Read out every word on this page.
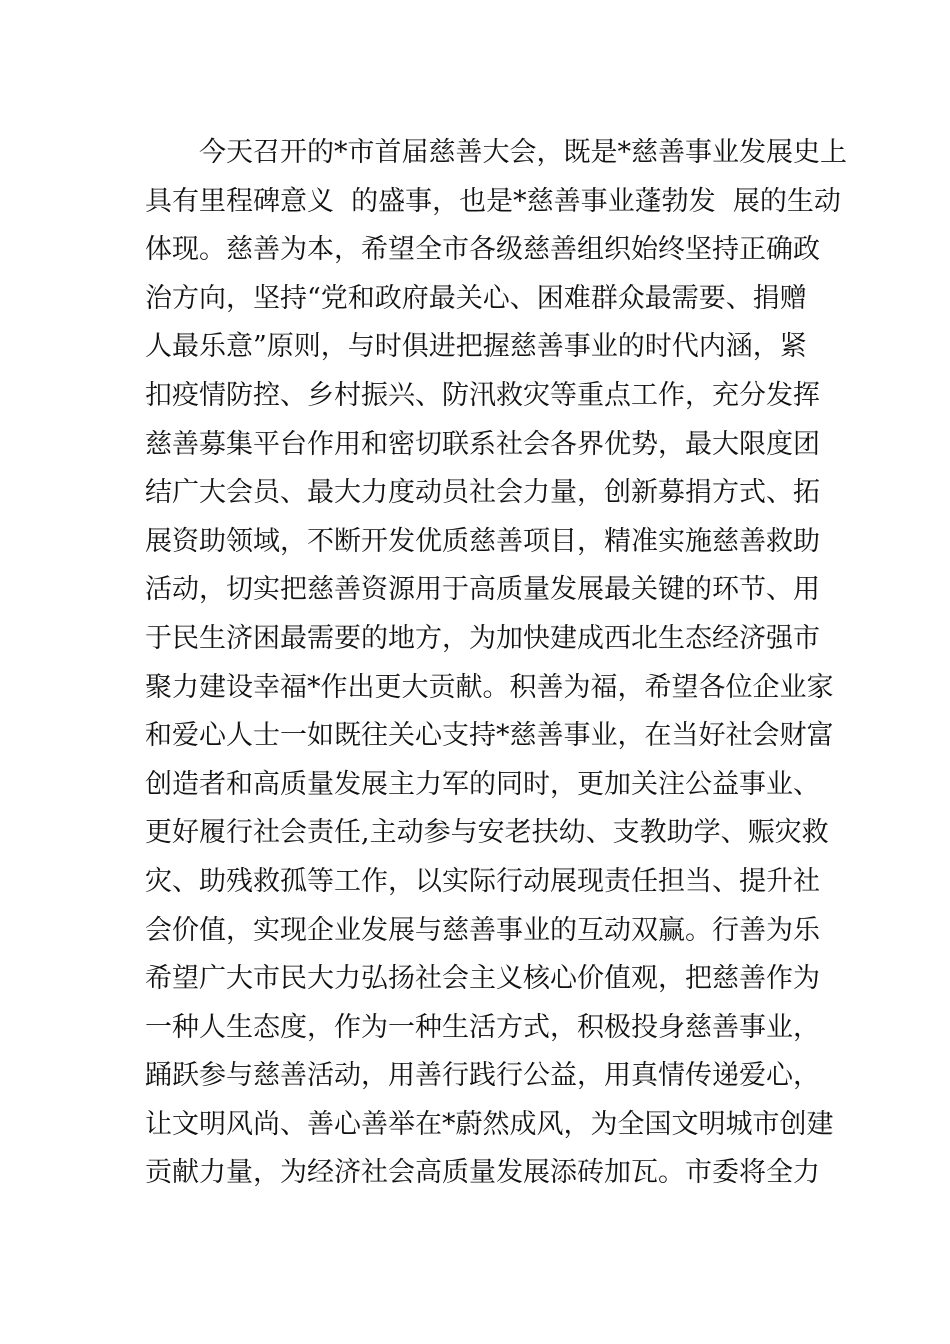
今天召开的*市首届慈善大会，既是*慈善事业发展史上
具有里程碑意义  的盛事，也是*慈善事业蓬勃发  展的生动
体现。慈善为本，希望全市各级慈善组织始终坚持正确政
治方向，坚持“党和政府最关心、困难群众最需要、捐赠
人最乐意”原则，与时俱进把握慈善事业的时代内涵，紧
扣疫情防控、乡村振兴、防汛救灾等重点工作，充分发挥
慈善募集平台作用和密切联系社会各界优势，最大限度团
结广大会员、最大力度动员社会力量，创新募捐方式、拓
展资助领域，不断开发优质慈善项目，精准实施慈善救助
活动，切实把慈善资源用于高质量发展最关键的环节、用
于民生济困最需要的地方，为加快建成西北生态经济强市
聚力建设幸福*作出更大贡献。积善为福，希望各位企业家
和爱心人士一如既往关心支持*慈善事业，在当好社会财富
创造者和高质量发展主力军的同时，更加关注公益事业、
更好履行社会责任,主动参与安老扶幼、支教助学、赈灾救
灾、助残救孤等工作，以实际行动展现责任担当、提升社
会价值，实现企业发展与慈善事业的互动双赢。行善为乐
希望广大市民大力弘扬社会主义核心价值观，把慈善作为
一种人生态度，作为一种生活方式，积极投身慈善事业，
踊跃参与慈善活动，用善行践行公益，用真情传递爱心，
让文明风尚、善心善举在*蔚然成风，为全国文明城市创建
贡献力量，为经济社会高质量发展添砖加瓦。市委将全力
